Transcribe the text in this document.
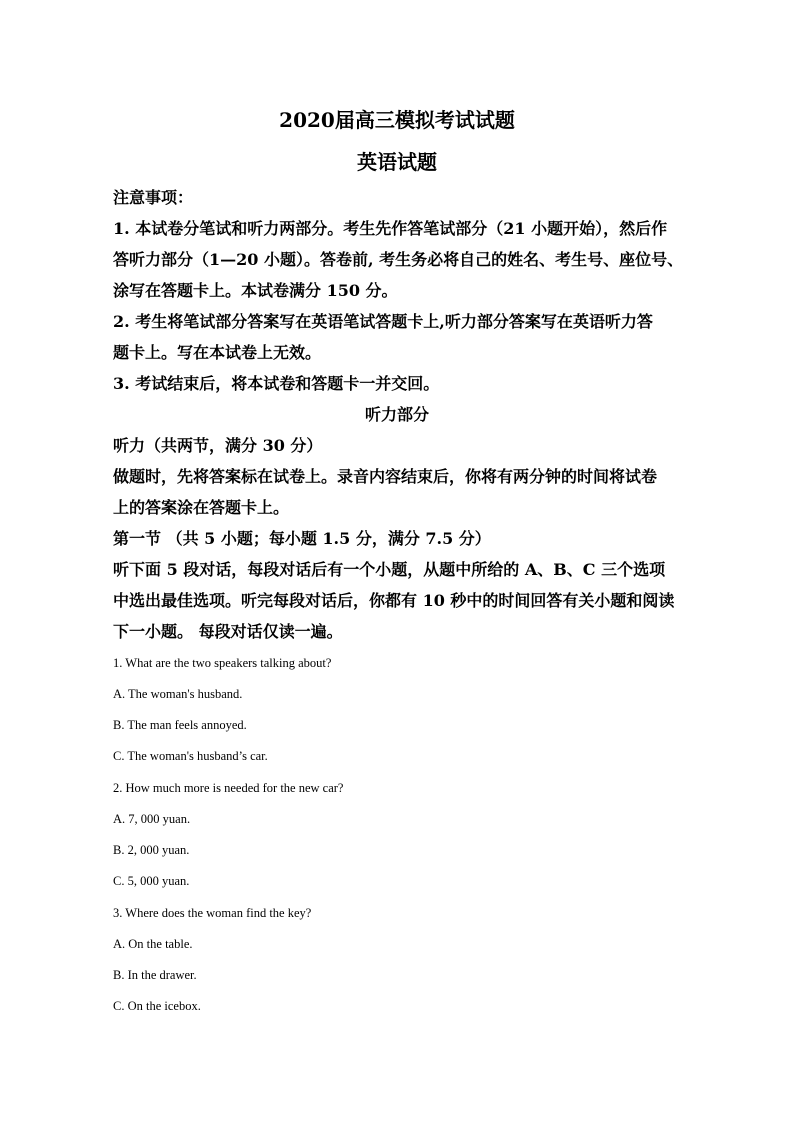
2020届高三模拟考试试题
英语试题
注意事项：
1. 本试卷分笔试和听力两部分。考生先作答笔试部分（21 小题开始），然后作
答听力部分（1—20 小题）。答卷前, 考生务必将自己的姓名、考生号、座位号、
涂写在答题卡上。本试卷满分 150 分。
2. 考生将笔试部分答案写在英语笔试答题卡上,听力部分答案写在英语听力答
题卡上。写在本试卷上无效。
3. 考试结束后，将本试卷和答题卡一并交回。
听力部分
听力（共两节，满分 30 分）
做题时，先将答案标在试卷上。录音内容结束后，你将有两分钟的时间将试卷
上的答案涂在答题卡上。
第一节 （共 5 小题；每小题 1.5 分，满分 7.5 分）
听下面 5 段对话，每段对话后有一个小题，从题中所给的 A、B、C 三个选项
中选出最佳选项。听完每段对话后，你都有 10 秒中的时间回答有关小题和阅读
下一小题。 每段对话仅读一遍。
1. What are the two speakers talking about?
A. The woman's husband.
B. The man feels annoyed.
C. The woman's husband’s car.
2. How much more is needed for the new car?
A. 7, 000 yuan.
B. 2, 000 yuan.
C. 5, 000 yuan.
3. Where does the woman find the key?
A. On the table.
B. In the drawer.
C. On the icebox.
